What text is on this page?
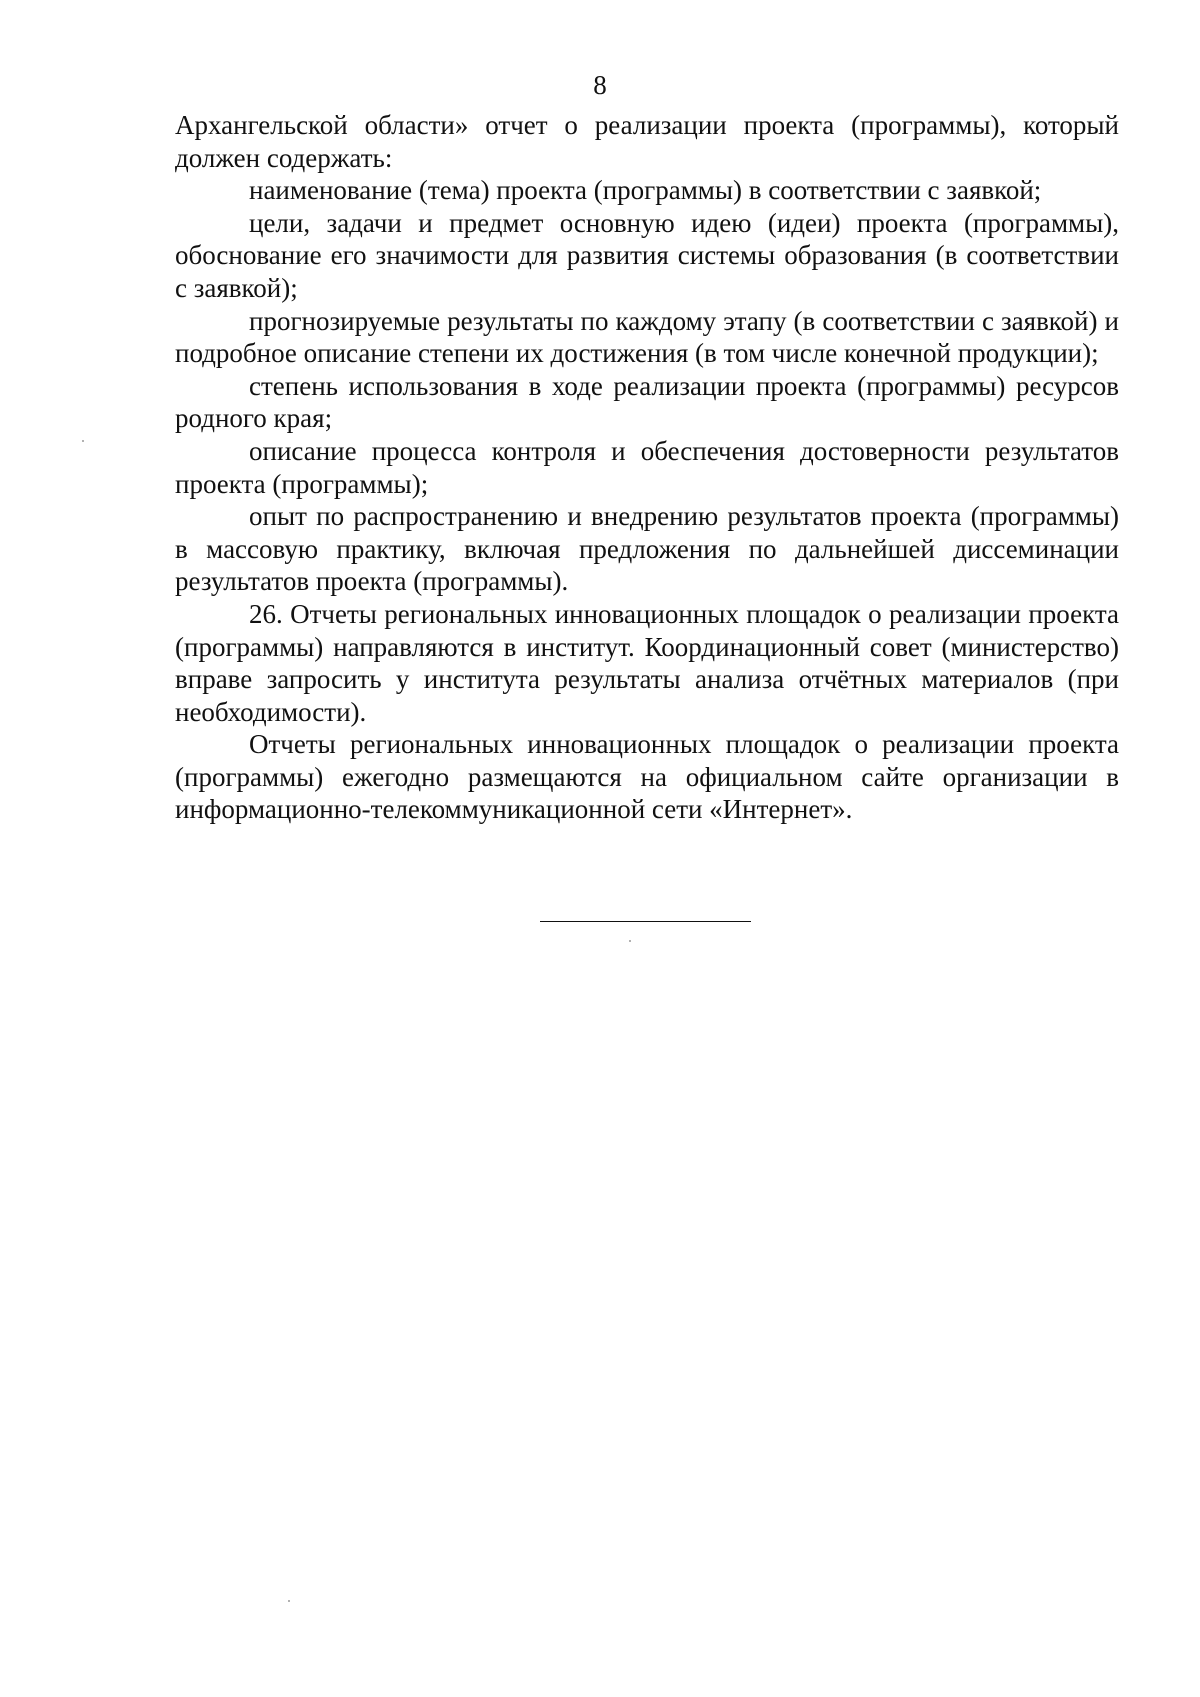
8

Архангельской области» отчет о реализации проекта (программы), который должен содержать:

наименование (тема) проекта (программы) в соответствии с заявкой;

цели, задачи и предмет основную идею (идеи) проекта (программы), обоснование его значимости для развития системы образования (в соответствии с заявкой);

прогнозируемые результаты по каждому этапу (в соответствии с заявкой) и подробное описание степени их достижения (в том числе конечной продукции);

степень использования в ходе реализации проекта (программы) ресурсов родного края;

описание процесса контроля и обеспечения достоверности результатов проекта (программы);

опыт по распространению и внедрению результатов проекта (программы) в массовую практику, включая предложения по дальнейшей диссеминации результатов проекта (программы).

26. Отчеты региональных инновационных площадок о реализации проекта (программы) направляются в институт. Координационный совет (министерство) вправе запросить у института результаты анализа отчётных материалов (при необходимости).

Отчеты региональных инновационных площадок о реализации проекта (программы) ежегодно размещаются на официальном сайте организации в информационно-телекоммуникационной сети «Интернет».
